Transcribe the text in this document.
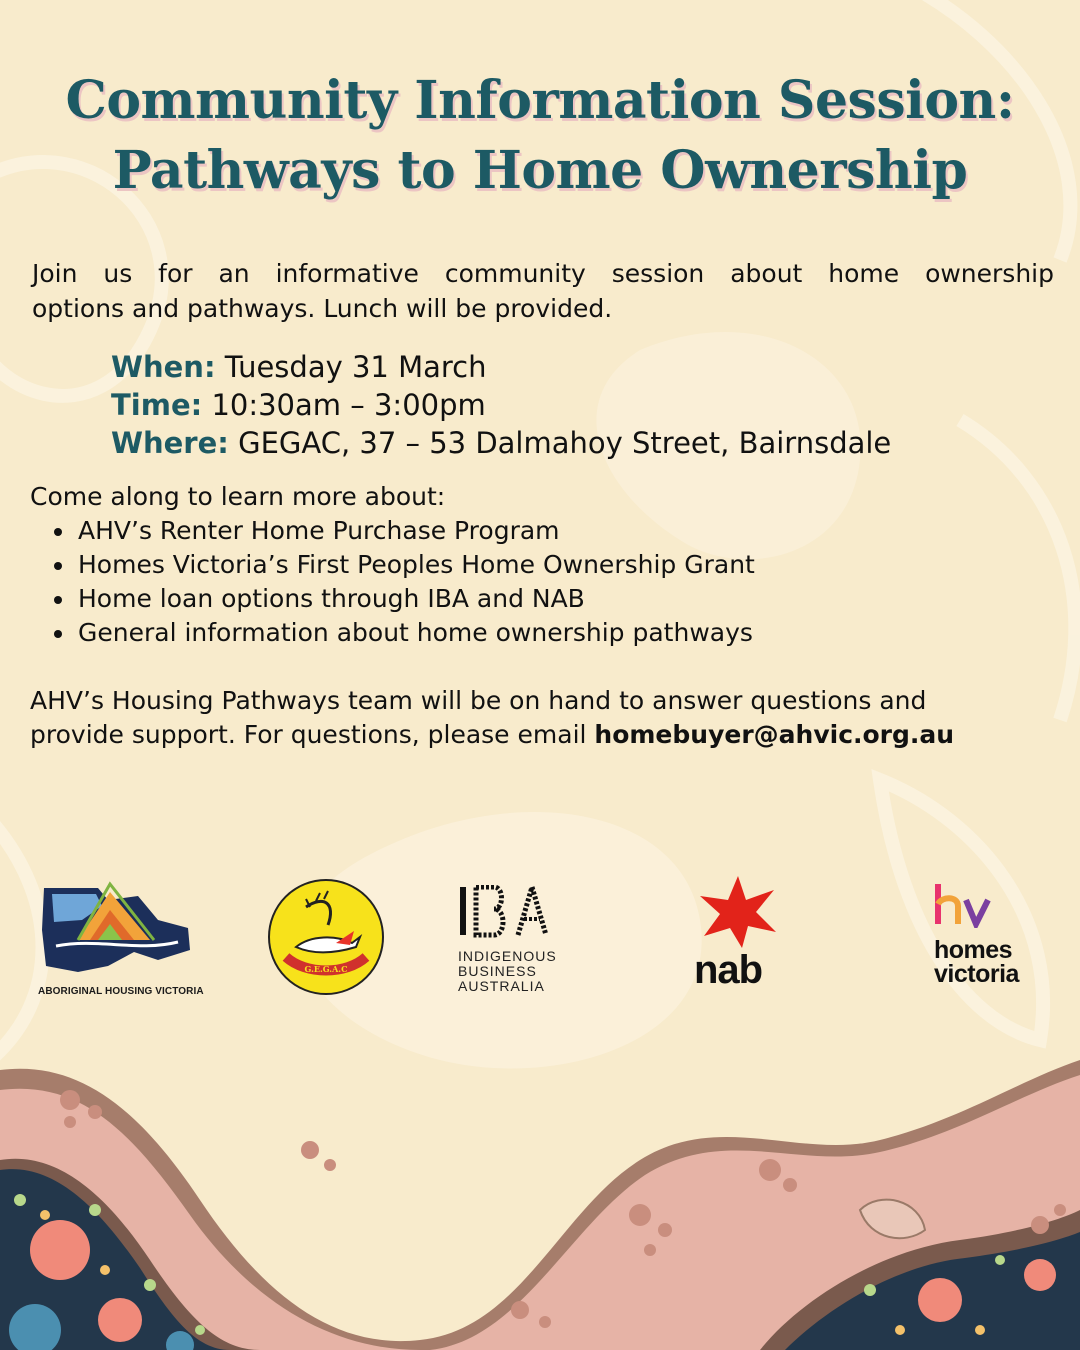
Community Information Session:
Pathways to Home Ownership

Join us for an informative community session about home ownership
options and pathways. Lunch will be provided.

When: Tuesday 31 March
Time: 10:30am – 3:00pm
Where: GEGAC, 37 – 53 Dalmahoy Street, Bairnsdale

Come along to learn more about:

AHV’s Renter Home Purchase Program
Homes Victoria’s First Peoples Home Ownership Grant
Home loan options through IBA and NAB
General information about home ownership pathways

AHV’s Housing Pathways team will be on hand to answer questions and
provide support. For questions, please email homebuyer@ahvic.org.au

ABORIGINAL HOUSING VICTORIA
G.E.G.A.C
INDIGENOUS
BUSINESS
AUSTRALIA	nab	homes
victoria
